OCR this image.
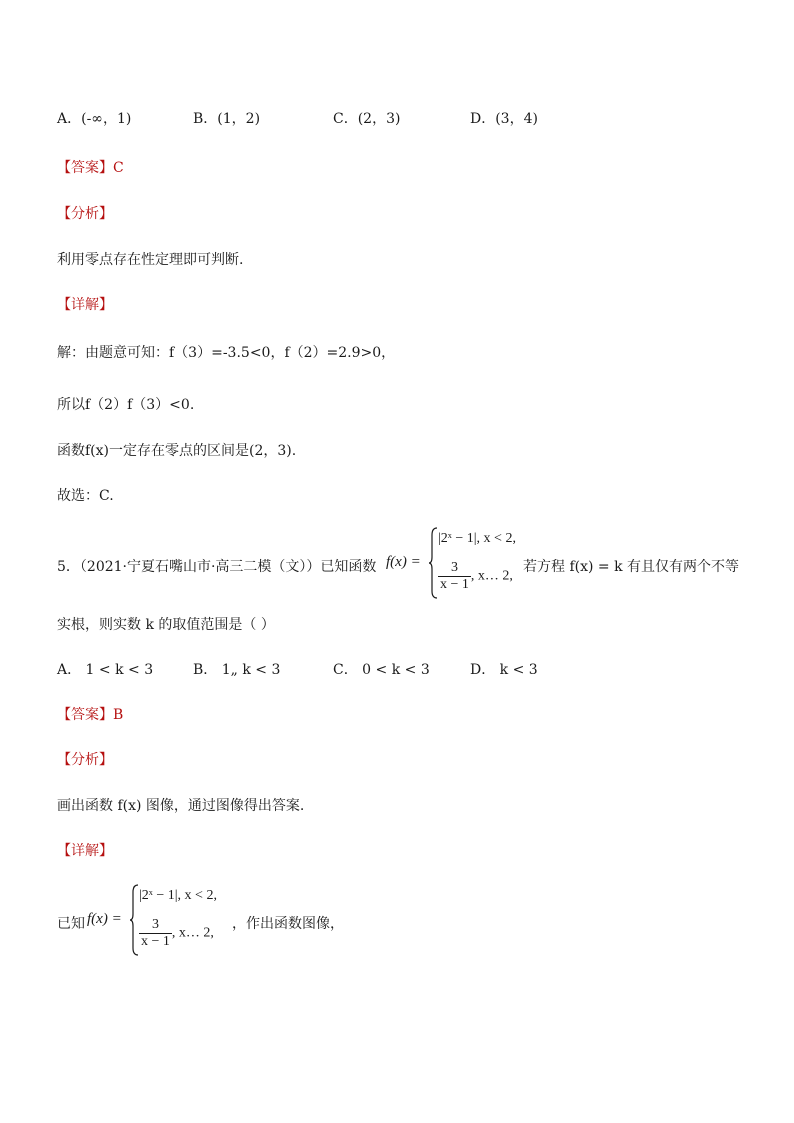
A．(-∞，1)	B．(1，2)	C．(2，3)	D．(3，4)
【答案】C
【分析】
利用零点存在性定理即可判断.
【详解】
解：由题意可知：f（3）=-3.5<0，f（2）=2.9>0，
所以f（2）f（3）<0.
函数f(x)一定存在零点的区间是(2，3).
故选：C.
5．（2021·宁夏石嘴山市·高三二模（文））已知函数 f(x) =
|2ˣ − 1|, x < 2,
$\frac{3}{x - 1}$ , x… 2,
若方程 f(x) = k 有且仅有两个不等
实根，则实数 k 的取值范围是（ ）
A． 1 < k < 3	B． 1„ k < 3	C． 0 < k < 3	D． k < 3
【答案】B
【分析】
画出函数 f(x) 图像，通过图像得出答案.
【详解】
已知 f(x) =
|2ˣ − 1|, x < 2,
$\frac{3}{x - 1}$ , x… 2,
，作出函数图像，
